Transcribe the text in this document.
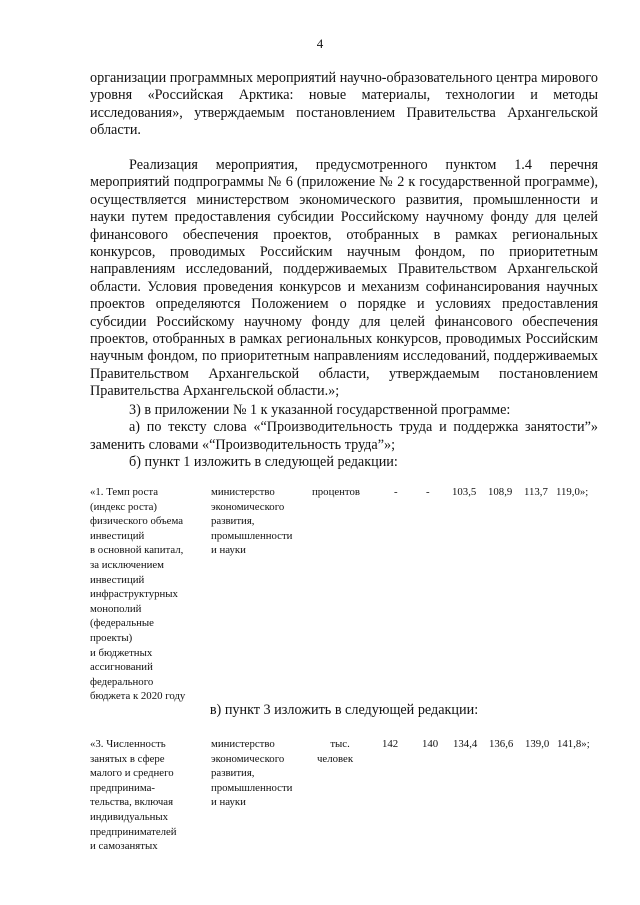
4

организации программных мероприятий научно-образовательного центра мирового уровня «Российская Арктика: новые материалы, технологии и методы исследования», утверждаемым постановлением Правительства Архангельской области.

Реализация мероприятия, предусмотренного пунктом 1.4 перечня мероприятий подпрограммы № 6 (приложение № 2 к государственной программе), осуществляется министерством экономического развития, промышленности и науки путем предоставления субсидии Российскому научному фонду для целей финансового обеспечения проектов, отобранных в рамках региональных конкурсов, проводимых Российским научным фондом, по приоритетным направлениям исследований, поддерживаемых Правительством Архангельской области. Условия проведения конкурсов и механизм софинансирования научных проектов определяются Положением о порядке и условиях предоставления субсидии Российскому научному фонду для целей финансового обеспечения проектов, отобранных в рамках региональных конкурсов, проводимых Российским научным фондом, по приоритетным направлениям исследований, поддерживаемых Правительством Архангельской области, утверждаемым постановлением Правительства Архангельской области.»;

3) в приложении № 1 к указанной государственной программе:

а) по тексту слова «“Производительность труда и поддержка занятости”» заменить словами «“Производительность труда”»;

б) пункт 1 изложить в следующей редакции:

«1. Темп роста
(индекс роста)
физического объема
инвестиций
в основной капитал,
за исключением
инвестиций
инфраструктурных
монополий
(федеральные
проекты)
и бюджетных
ассигнований
федерального
бюджета к 2020 году
министерство
экономического
развития,
промышленности
и науки
процентов	-	- 103,5 108,9 113,7 119,0»;
в) пункт 3 изложить в следующей редакции:
«3. Численность
занятых в сфере
малого и среднего
предпринима-
тельства, включая
индивидуальных
предпринимателей
и самозанятых
министерство
экономического
развития,
промышленности
и науки
тыс.
человек
142 140 134,4 136,6 139,0 141,8»;
